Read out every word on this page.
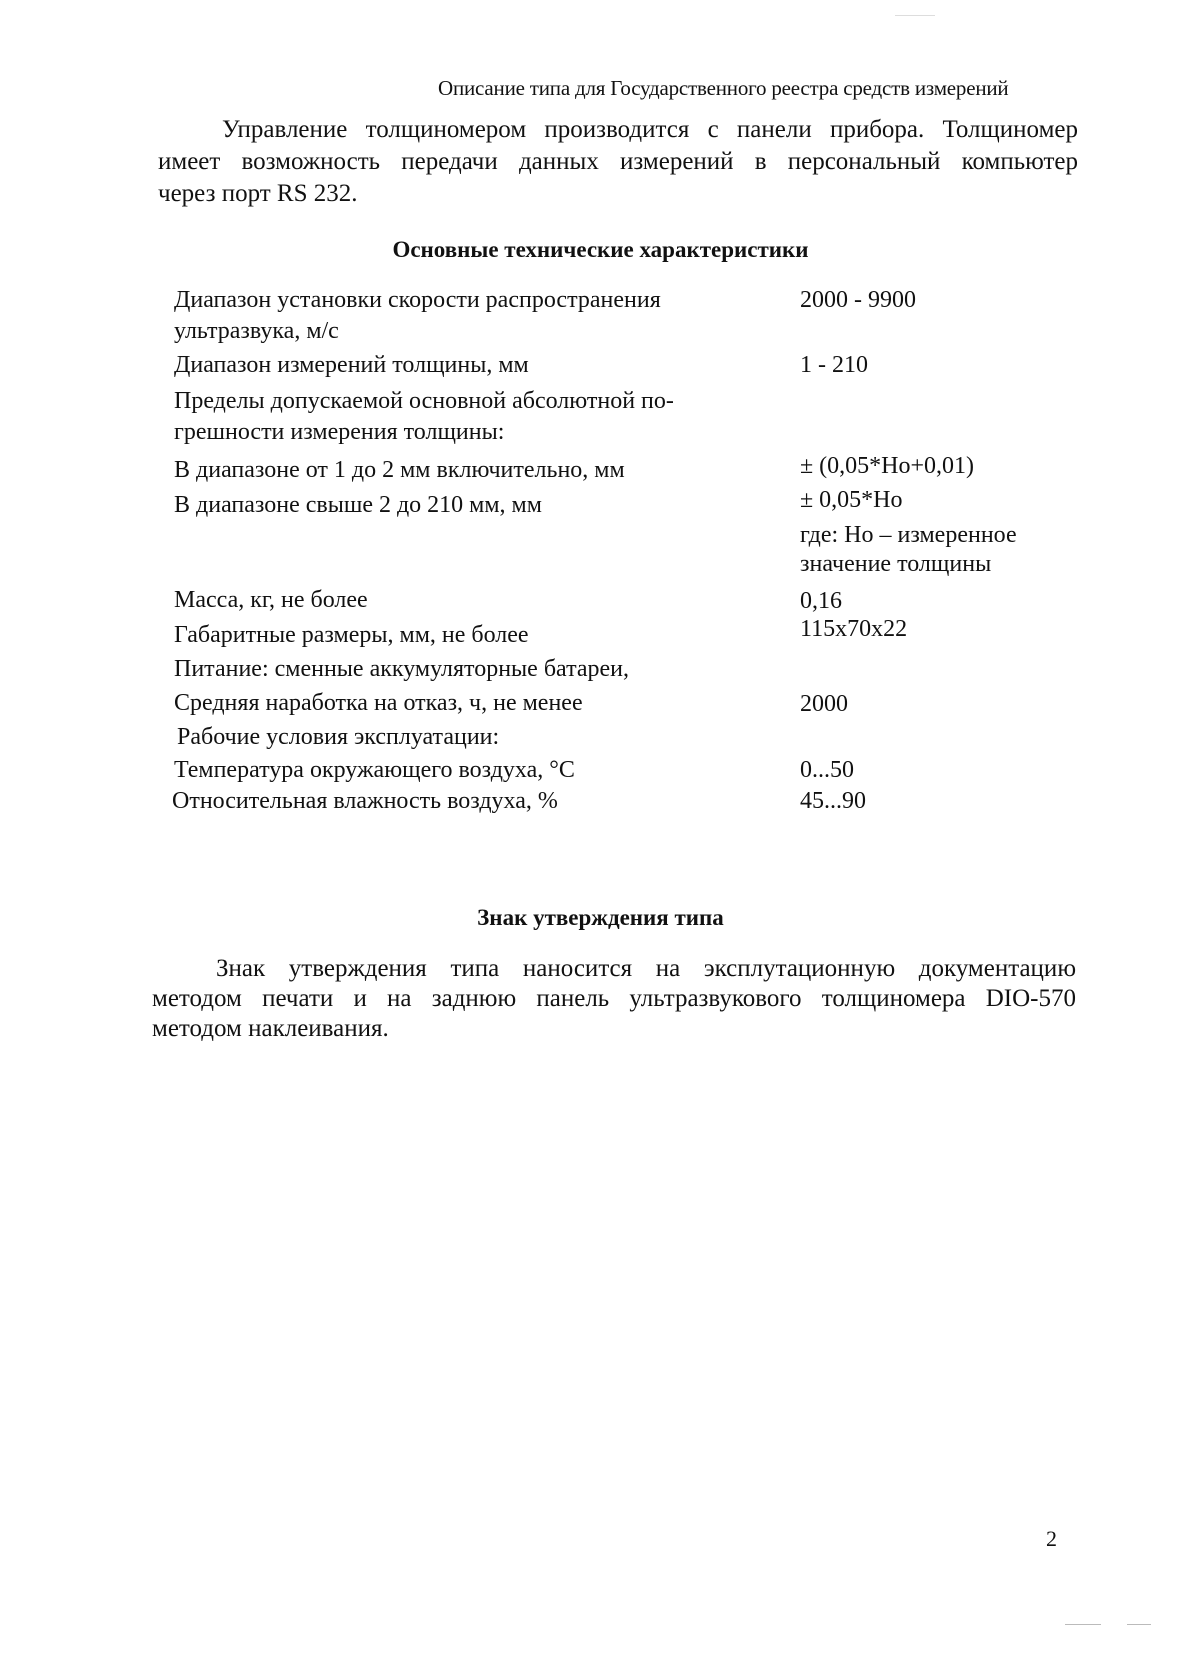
Описание типа для Государственного реестра средств измерений
Управление толщиномером производится с панели прибора. Толщиномер
имеет возможность передачи данных измерений в персональный компьютер
через порт RS 232.
Основные технические характеристики
Диапазон установки скорости распространения	2000 - 9900
ультразвука, м/с
Диапазон измерений толщины, мм	1 - 210
Пределы допускаемой основной абсолютной по-
грешности измерения толщины:
В диапазоне от 1 до 2 мм включительно, мм	± (0,05*Ho+0,01)
В диапазоне свыше 2 до 210 мм, мм	± 0,05*Ho
где: Ho – измеренное
значение толщины
Масса, кг, не более	0,16
Габаритные размеры, мм, не более	115x70x22
Питание: сменные аккумуляторные батареи,
Средняя наработка на отказ, ч, не менее	2000
Рабочие условия эксплуатации:
Температура окружающего воздуха, °С	0...50
Относительная влажность воздуха, %	45...90
Знак утверждения типа
Знак утверждения типа наносится на эксплутационную документацию
методом печати и на заднюю панель ультразвукового толщиномера DIO-570
методом наклеивания.
2
